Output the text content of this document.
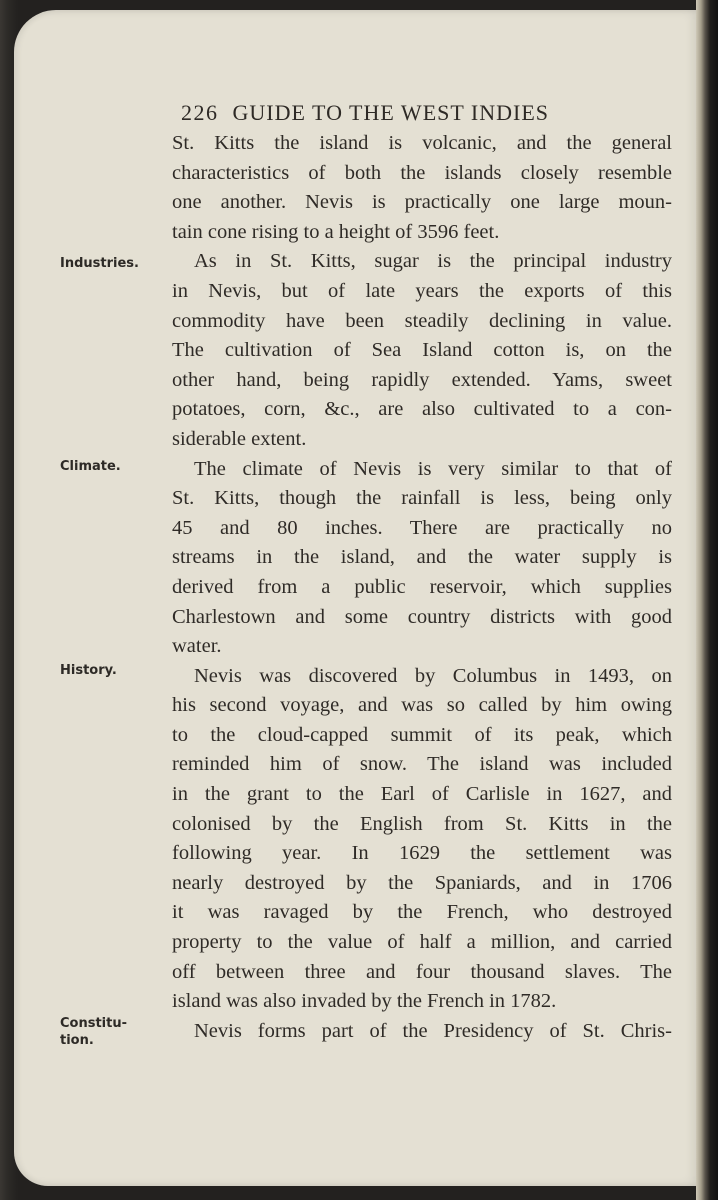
226 GUIDE TO THE WEST INDIES
Industries.
Climate.
History.
Constitu-
tion.
St. Kitts the island is volcanic, and the general
characteristics of both the islands closely resemble
one another. Nevis is practically one large moun-
tain cone rising to a height of 3596 feet.
As in St. Kitts, sugar is the principal industry
in Nevis, but of late years the exports of this
commodity have been steadily declining in value.
The cultivation of Sea Island cotton is, on the
other hand, being rapidly extended. Yams, sweet
potatoes, corn, &c., are also cultivated to a con-
siderable extent.
The climate of Nevis is very similar to that of
St. Kitts, though the rainfall is less, being only
45 and 80 inches. There are practically no
streams in the island, and the water supply is
derived from a public reservoir, which supplies
Charlestown and some country districts with good
water.
Nevis was discovered by Columbus in 1493, on
his second voyage, and was so called by him owing
to the cloud-capped summit of its peak, which
reminded him of snow. The island was included
in the grant to the Earl of Carlisle in 1627, and
colonised by the English from St. Kitts in the
following year. In 1629 the settlement was
nearly destroyed by the Spaniards, and in 1706
it was ravaged by the French, who destroyed
property to the value of half a million, and carried
off between three and four thousand slaves. The
island was also invaded by the French in 1782.
Nevis forms part of the Presidency of St. Chris-
